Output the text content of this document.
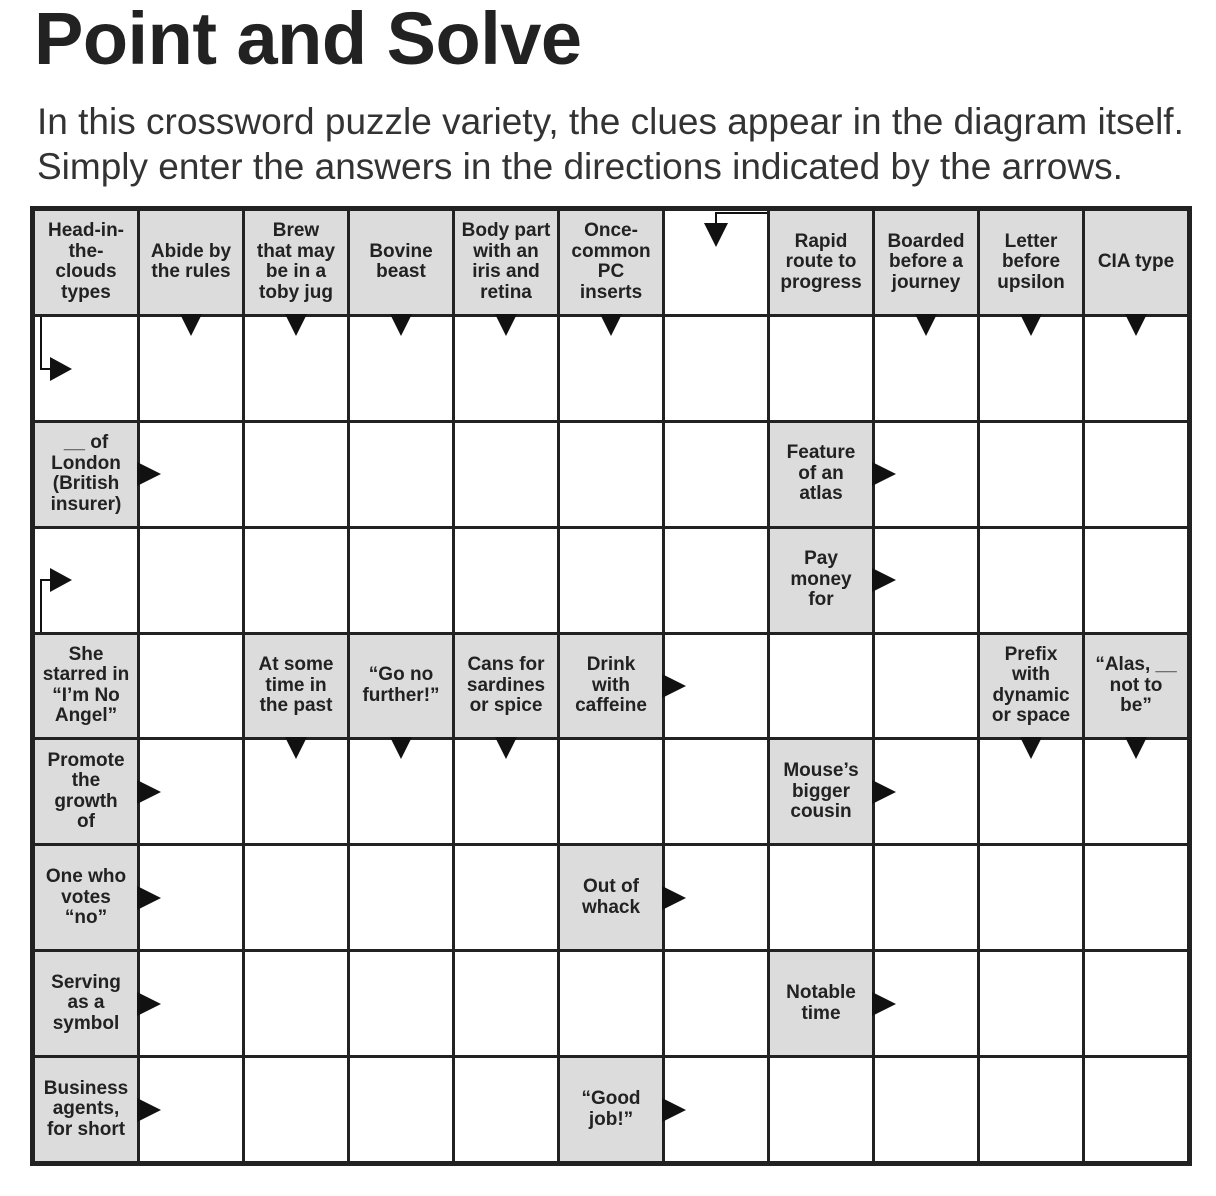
Point and Solve
In this crossword puzzle variety, the clues appear in the diagram itself.
Simply enter the answers in the directions indicated by the arrows.
Head-in-
the-
clouds
types
Abide by
the rules
Brew
that may
be in a
toby jug
Bovine
beast
Body part
with an
iris and
retina
Once-
common
PC
inserts
Rapid
route to
progress
Boarded
before a
journey
Letter
before
upsilon
CIA type
__ of
London
(British
insurer)
Feature
of an
atlas
Pay
money
for
She
starred in
“I’m No
Angel”
At some
time in
the past
“Go no
further!”
Cans for
sardines
or spice
Drink
with
caffeine
Prefix
with
dynamic
or space
“Alas, __
not to
be”
Promote
the
growth
of
Mouse’s
bigger
cousin
One who
votes
“no”
Out of
whack
Serving
as a
symbol
Notable
time
Business
agents,
for short
“Good
job!”
